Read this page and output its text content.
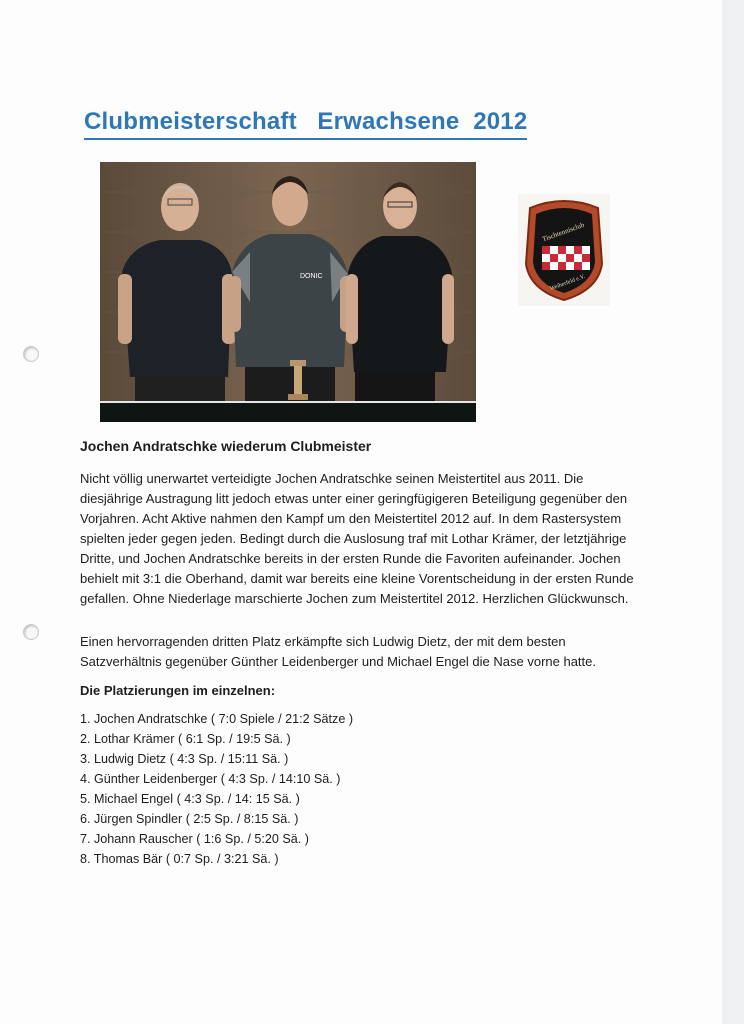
Clubmeisterschaft   Erwachsene  2012
DONIC
Tischtennisclub
Weiherfeld e.V.
Jochen Andratschke wiederum Clubmeister

Nicht völlig unerwartet verteidigte Jochen Andratschke seinen Meistertitel aus 2011. Die diesjährige Austragung litt jedoch etwas unter einer geringfügigeren Beteiligung gegenüber den Vorjahren. Acht Aktive nahmen den Kampf um den Meistertitel 2012 auf. In dem Rastersystem spielten jeder gegen jeden. Bedingt durch die Auslosung traf mit Lothar Krämer, der letztjährige Dritte, und Jochen Andratschke bereits in der ersten Runde die Favoriten aufeinander. Jochen behielt mit 3:1 die Oberhand, damit war bereits eine kleine Vorentscheidung in der ersten Runde gefallen. Ohne Niederlage marschierte Jochen zum Meistertitel 2012. Herzlichen Glückwunsch.

Einen hervorragenden dritten Platz erkämpfte sich Ludwig Dietz, der mit dem besten Satzverhältnis gegenüber Günther Leidenberger und Michael Engel die Nase vorne hatte.

Die Platzierungen im einzelnen:
1. Jochen Andratschke ( 7:0 Spiele / 21:2 Sätze )
2. Lothar Krämer ( 6:1 Sp. / 19:5 Sä. )
3. Ludwig Dietz ( 4:3 Sp. / 15:11 Sä. )
4. Günther Leidenberger ( 4:3 Sp. / 14:10 Sä. )
5. Michael Engel ( 4:3 Sp. / 14: 15 Sä. )
6. Jürgen Spindler ( 2:5 Sp. / 8:15 Sä. )
7. Johann Rauscher ( 1:6 Sp. / 5:20 Sä. )
8. Thomas Bär ( 0:7 Sp. / 3:21 Sä. )
